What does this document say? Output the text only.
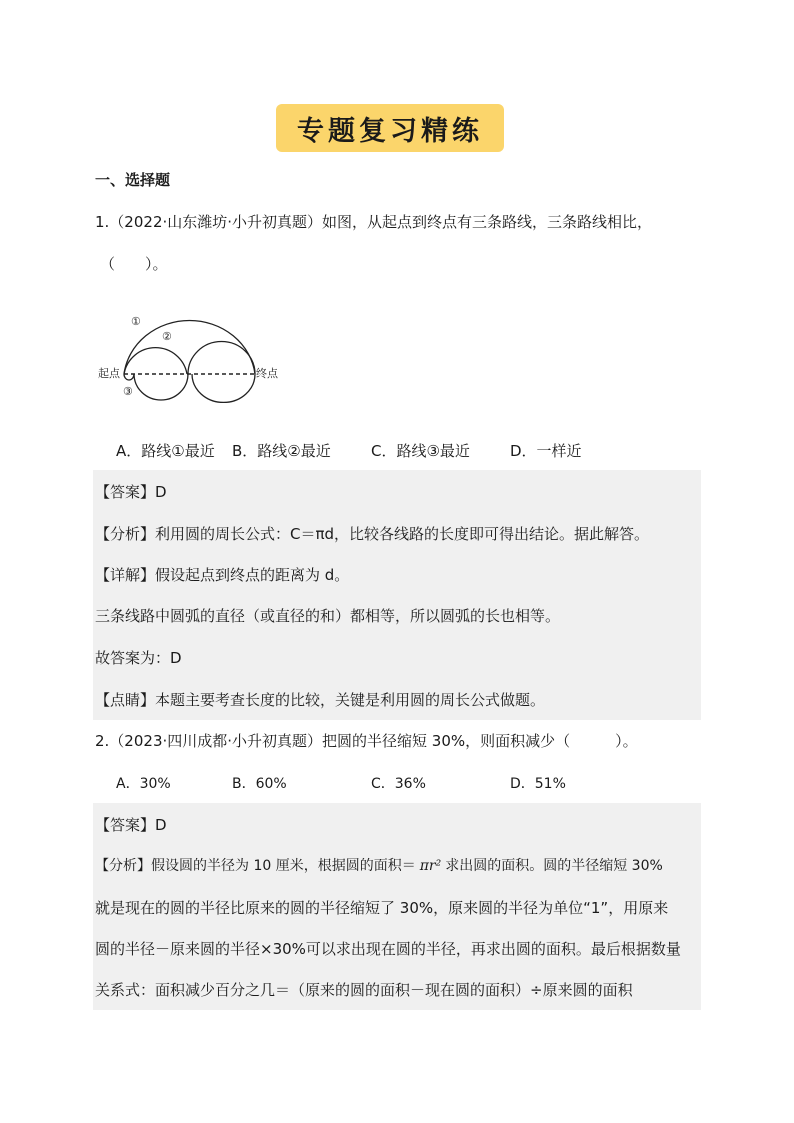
专题复习精练
一、选择题
1.（2022·山东潍坊·小升初真题）如图，从起点到终点有三条路线，三条路线相比，
（　　）。
起点	终点
①
②
③
A．路线①最近 B．路线②最近	C．路线③最近	D．一样近
【答案】D
【分析】利用圆的周长公式：C＝πd，比较各线路的长度即可得出结论。据此解答。
【详解】假设起点到终点的距离为 d。
三条线路中圆弧的直径（或直径的和）都相等，所以圆弧的长也相等。
故答案为：D
【点睛】本题主要考查长度的比较，关键是利用圆的周长公式做题。
2.（2023·四川成都·小升初真题）把圆的半径缩短 30%，则面积减少（　　　）。
A．30%	B．60%	C．36%	D．51%
【答案】D
【分析】假设圆的半径为 10 厘米，根据圆的面积＝ πr² 求出圆的面积。圆的半径缩短 30%
就是现在的圆的半径比原来的圆的半径缩短了 30%，原来圆的半径为单位“1”，用原来
圆的半径－原来圆的半径×30%可以求出现在圆的半径，再求出圆的面积。最后根据数量
关系式：面积减少百分之几＝（原来的圆的面积－现在圆的面积）÷原来圆的面积
